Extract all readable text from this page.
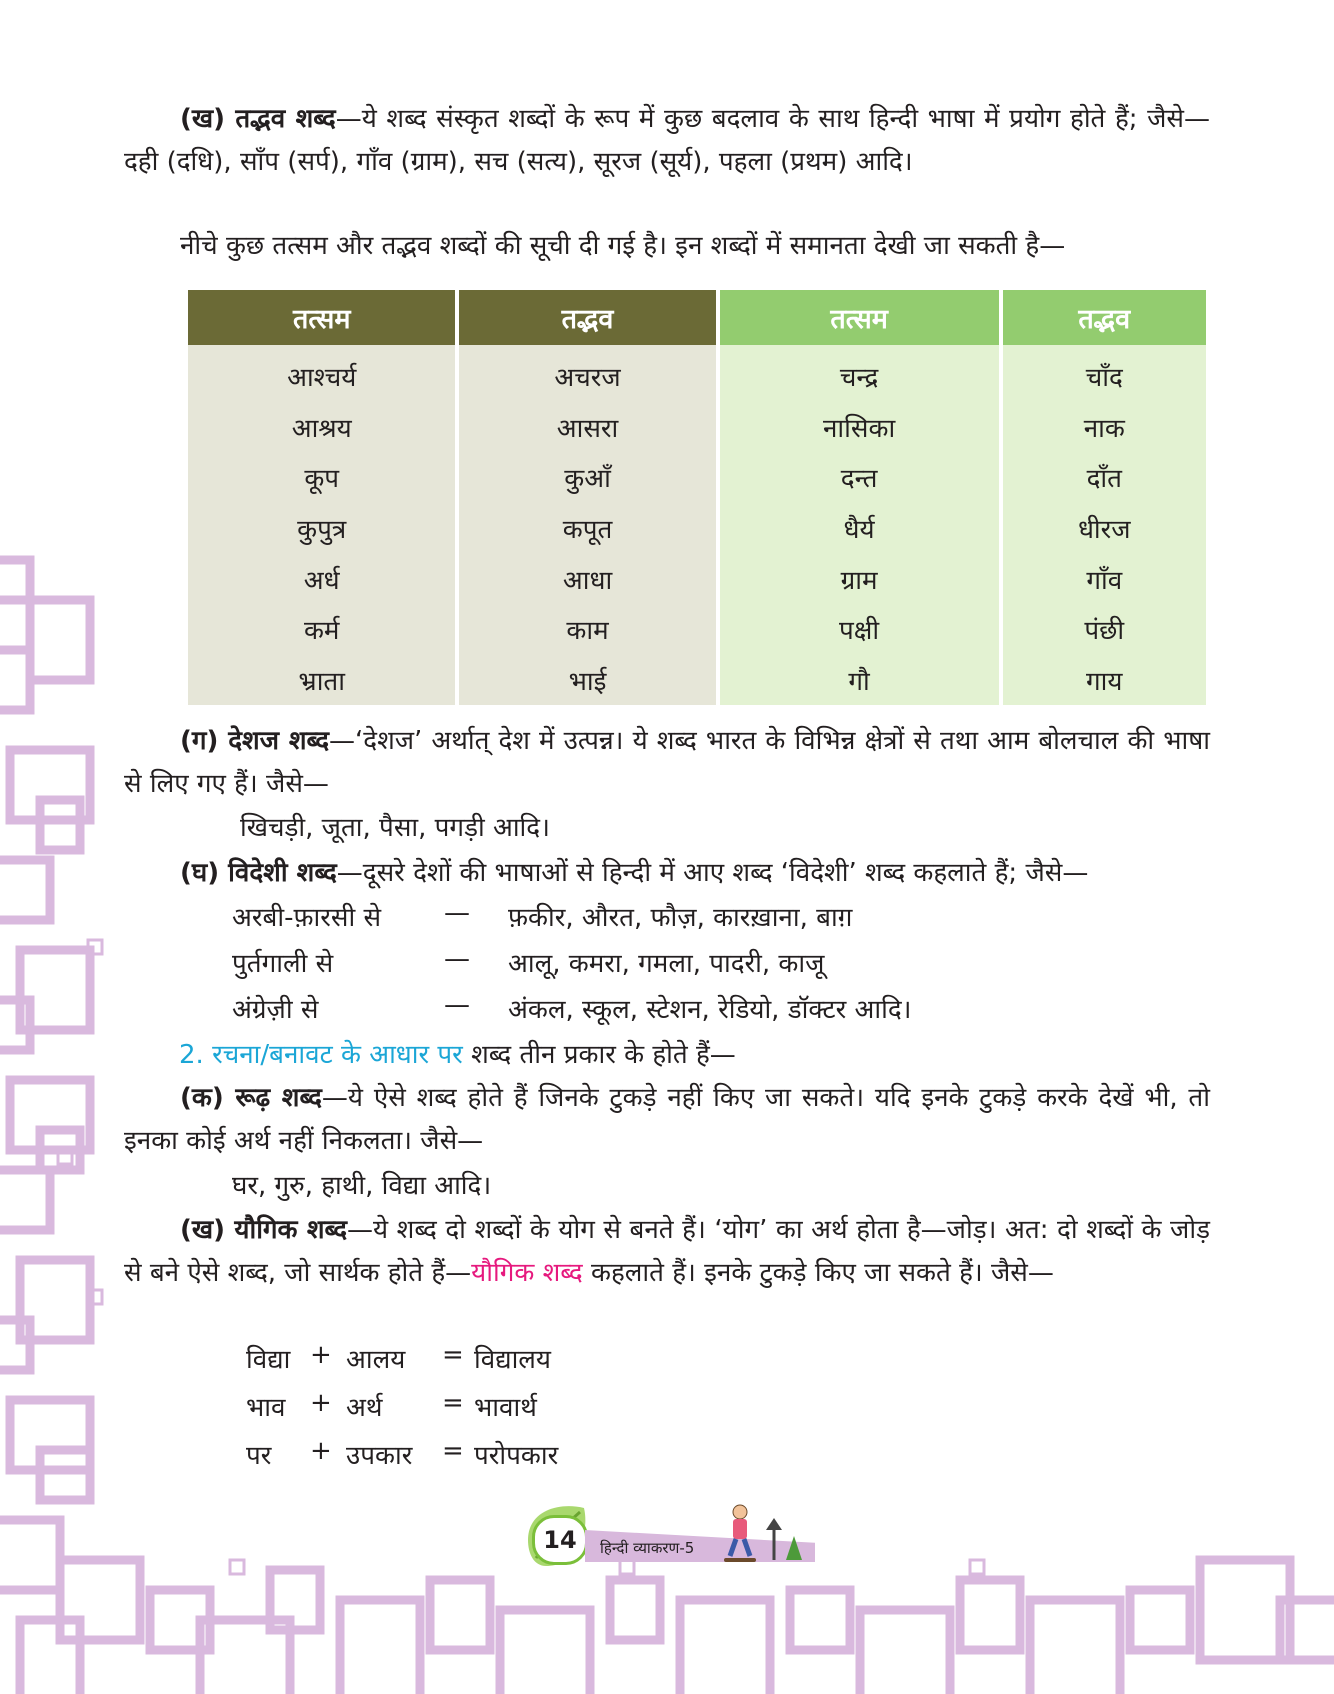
(ख) तद्भव शब्द—ये शब्द संस्कृत शब्दों के रूप में कुछ बदलाव के साथ हिन्दी भाषा में प्रयोग होते हैं; जैसे—दही (दधि), साँप (सर्प), गाँव (ग्राम), सच (सत्य), सूरज (सूर्य), पहला (प्रथम) आदि।
नीचे कुछ तत्सम और तद्भव शब्दों की सूची दी गई है। इन शब्दों में समानता देखी जा सकती है—
तत्सम	तद्भव	तत्सम	तद्भव
आश्चर्य	अचरज	चन्द्र	चाँद
आश्रय	आसरा	नासिका	नाक
कूप	कुआँ	दन्त	दाँत
कुपुत्र	कपूत	धैर्य	धीरज
अर्ध	आधा	ग्राम	गाँव
कर्म	काम	पक्षी	पंछी
भ्राता	भाई	गौ	गाय
(ग) देशज शब्द—‘देशज’ अर्थात् देश में उत्पन्न। ये शब्द भारत के विभिन्न क्षेत्रों से तथा आम बोलचाल की भाषा से लिए गए हैं। जैसे—
खिचड़ी, जूता, पैसा, पगड़ी आदि।
(घ) विदेशी शब्द—दूसरे देशों की भाषाओं से हिन्दी में आए शब्द ‘विदेशी’ शब्द कहलाते हैं; जैसे—
अरबी-फ़ारसी से — फ़कीर, औरत, फौज़, कारख़ाना, बाग़
पुर्तगाली से	— आलू, कमरा, गमला, पादरी, काजू
अंग्रेज़ी से	— अंकल, स्कूल, स्टेशन, रेडियो, डॉक्टर आदि।
2. रचना/बनावट के आधार पर शब्द तीन प्रकार के होते हैं—
(क) रूढ़ शब्द—ये ऐसे शब्द होते हैं जिनके टुकड़े नहीं किए जा सकते। यदि इनके टुकड़े करके देखें भी, तो इनका कोई अर्थ नहीं निकलता। जैसे—
घर, गुरु, हाथी, विद्या आदि।
(ख) यौगिक शब्द—ये शब्द दो शब्दों के योग से बनते हैं। ‘योग’ का अर्थ होता है—जोड़। अत: दो शब्दों के जोड़ से बने ऐसे शब्द, जो सार्थक होते हैं—यौगिक शब्द कहलाते हैं। इनके टुकड़े किए जा सकते हैं। जैसे—
विद्या + आलय = विद्यालय
भाव + अर्थ = भावार्थ
पर + उपकार = परोपकार
14	हिन्दी व्याकरण-5
